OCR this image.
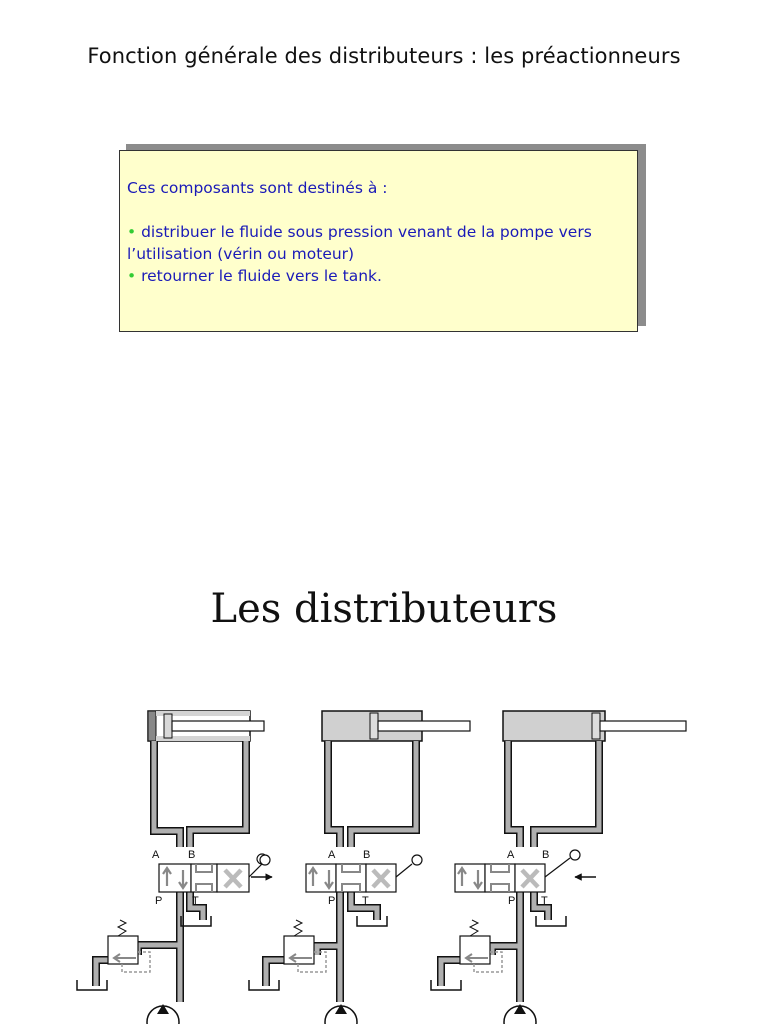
Fonction générale des distributeurs : les préactionneurs

Ces composants sont destinés à :

• distribuer le fluide sous pression venant de la pompe vers l’utilisation (vérin ou moteur)

• retourner le fluide vers le tank.

Les distributeurs
A	B
P	T
A	B
P T
A	B
P T
